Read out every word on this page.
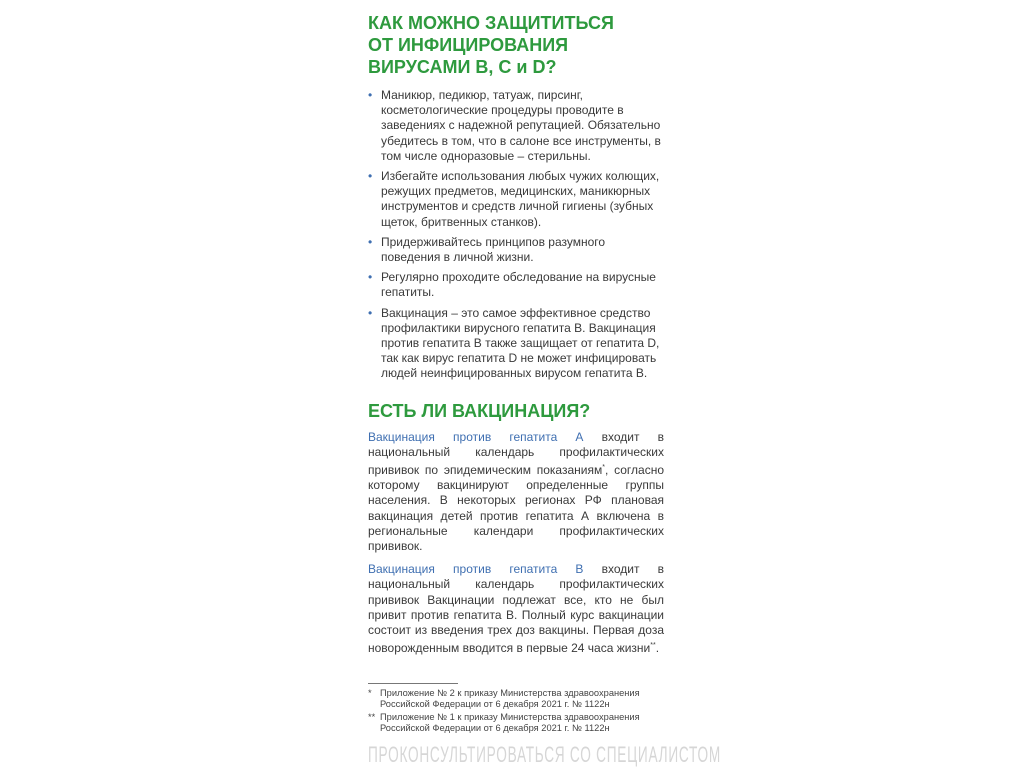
КАК МОЖНО ЗАЩИТИТЬСЯ
ОТ ИНФИЦИРОВАНИЯ
ВИРУСАМИ В, С и D?
• Маникюр, педикюр, татуаж, пирсинг, косметологические процедуры проводите в заведениях с надежной репутацией. Обязательно убедитесь в том, что в салоне все инструменты, в том числе одноразовые – стерильны.
• Избегайте использования любых чужих колющих, режущих предметов, медицинских, маникюрных инструментов и средств личной гигиены (зубных щеток, бритвенных станков).
• Придерживайтесь принципов разумного поведения в личной жизни.
• Регулярно проходите обследование на вирусные гепатиты.
• Вакцинация – это самое эффективное средство профилактики вирусного гепатита В. Вакцинация против гепатита В также защищает от гепатита D, так как вирус гепатита D не может инфицировать людей неинфицированных вирусом гепатита В.
ЕСТЬ ЛИ ВАКЦИНАЦИЯ?

Вакцинация против гепатита А входит в национальный календарь профилактических прививок по эпидемическим показаниям*, согласно которому вакцинируют определенные группы населения. В некоторых регионах РФ плановая вакцинация детей против гепатита А включена в региональные календари профилактических прививок.

Вакцинация против гепатита В входит в национальный календарь профилактических прививок Вакцинации подлежат все, кто не был привит против гепатита В. Полный курс вакцинации состоит из введения трех доз вакцины. Первая доза новорожденным вводится в первые 24 часа жизни**.

* Приложение № 2 к приказу Министерства здравоохранения Российской Федерации от 6 декабря 2021 г. № 1122н
** Приложение № 1 к приказу Министерства здравоохранения Российской Федерации от 6 декабря 2021 г. № 1122н
ПРОКОНСУЛЬТИРОВАТЬСЯ СО СПЕЦИАЛИСТОМ
